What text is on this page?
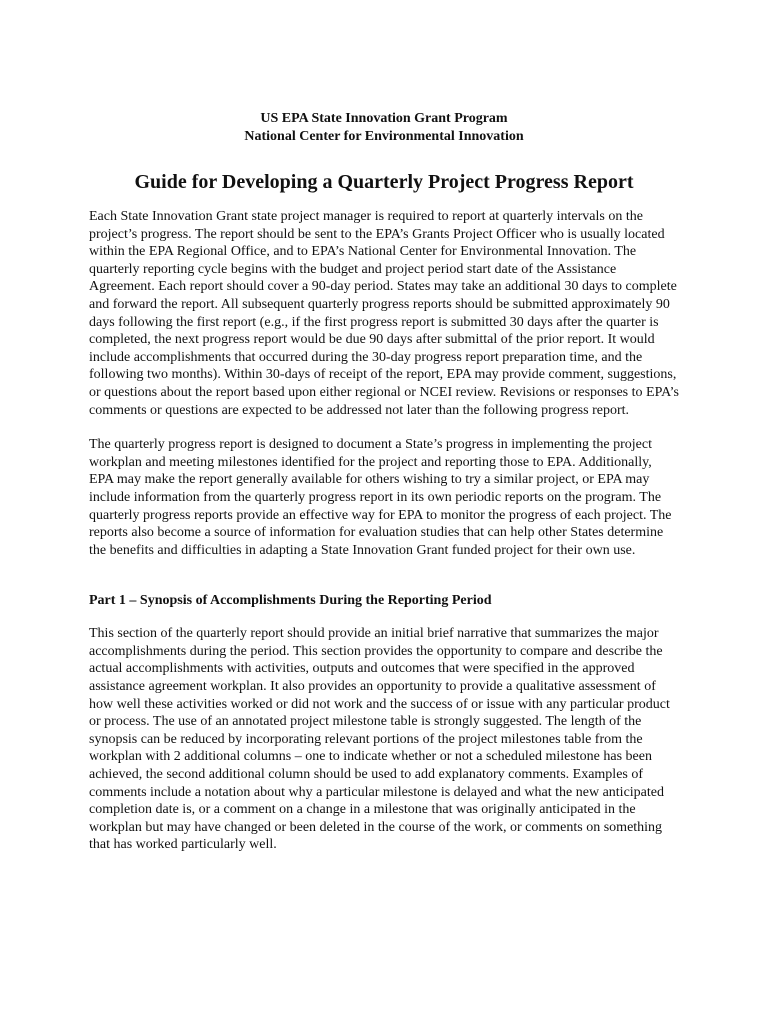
US EPA State Innovation Grant Program

National Center for Environmental Innovation

Guide for Developing a Quarterly Project Progress Report

Each State Innovation Grant state project manager is required to report at quarterly intervals on the project’s progress. The report should be sent to the EPA’s Grants Project Officer who is usually located within the EPA Regional Office, and to EPA’s National Center for Environmental Innovation. The quarterly reporting cycle begins with the budget and project period start date of the Assistance Agreement. Each report should cover a 90-day period. States may take an additional 30 days to complete and forward the report. All subsequent quarterly progress reports should be submitted approximately 90 days following the first report (e.g., if the first progress report is submitted 30 days after the quarter is completed, the next progress report would be due 90 days after submittal of the prior report. It would include accomplishments that occurred during the 30-day progress report preparation time, and the following two months). Within 30-days of receipt of the report, EPA may provide comment, suggestions, or questions about the report based upon either regional or NCEI review. Revisions or responses to EPA’s comments or questions are expected to be addressed not later than the following progress report.

The quarterly progress report is designed to document a State’s progress in implementing the project workplan and meeting milestones identified for the project and reporting those to EPA. Additionally, EPA may make the report generally available for others wishing to try a similar project, or EPA may include information from the quarterly progress report in its own periodic reports on the program. The quarterly progress reports provide an effective way for EPA to monitor the progress of each project. The reports also become a source of information for evaluation studies that can help other States determine the benefits and difficulties in adapting a State Innovation Grant funded project for their own use.

Part 1 – Synopsis of Accomplishments During the Reporting Period

This section of the quarterly report should provide an initial brief narrative that summarizes the major accomplishments during the period. This section provides the opportunity to compare and describe the actual accomplishments with activities, outputs and outcomes that were specified in the approved assistance agreement workplan. It also provides an opportunity to provide a qualitative assessment of how well these activities worked or did not work and the success of or issue with any particular product or process. The use of an annotated project milestone table is strongly suggested. The length of the synopsis can be reduced by incorporating relevant portions of the project milestones table from the workplan with 2 additional columns – one to indicate whether or not a scheduled milestone has been achieved, the second additional column should be used to add explanatory comments. Examples of comments include a notation about why a particular milestone is delayed and what the new anticipated completion date is, or a comment on a change in a milestone that was originally anticipated in the workplan but may have changed or been deleted in the course of the work, or comments on something that has worked particularly well.
